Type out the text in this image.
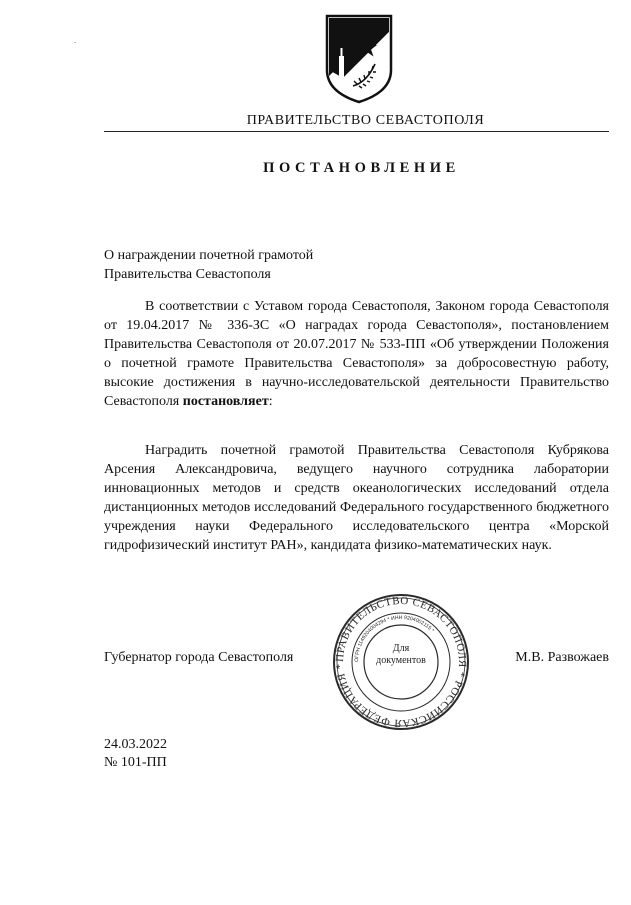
ПРАВИТЕЛЬСТВО СЕВАСТОПОЛЯ
ПОСТАНОВЛЕНИЕ
О награждении почетной грамотой
Правительства Севастополя

В соответствии с Уставом города Севастополя, Законом города Севастополя от 19.04.2017 № 336-ЗС «О наградах города Севастополя», постановлением Правительства Севастополя от 20.07.2017 № 533-ПП «Об утверждении Положения о почетной грамоте Правительства Севастополя» за добросовестную работу, высокие достижения в научно-исследовательской деятельности Правительство Севастополя постановляет:

Наградить почетной грамотой Правительства Севастополя Кубрякова Арсения Александровича, ведущего научного сотрудника лаборатории инновационных методов и средств океанологических исследований отдела дистанционных методов исследований Федерального государственного бюджетного учреждения науки Федерального исследовательского центра «Морской гидрофизический институт РАН», кандидата физико-математических наук.

ПРАВИТЕЛЬСТВО СЕВАСТОПОЛЯ * РОССИЙСКАЯ ФЕДЕРАЦИЯ *
ОГРН 1149204004294 * ИНН 9204002115 *
Для
документов
Губернатор города Севастополя	М.В. Развожаев
24.03.2022
№ 101-ПП
